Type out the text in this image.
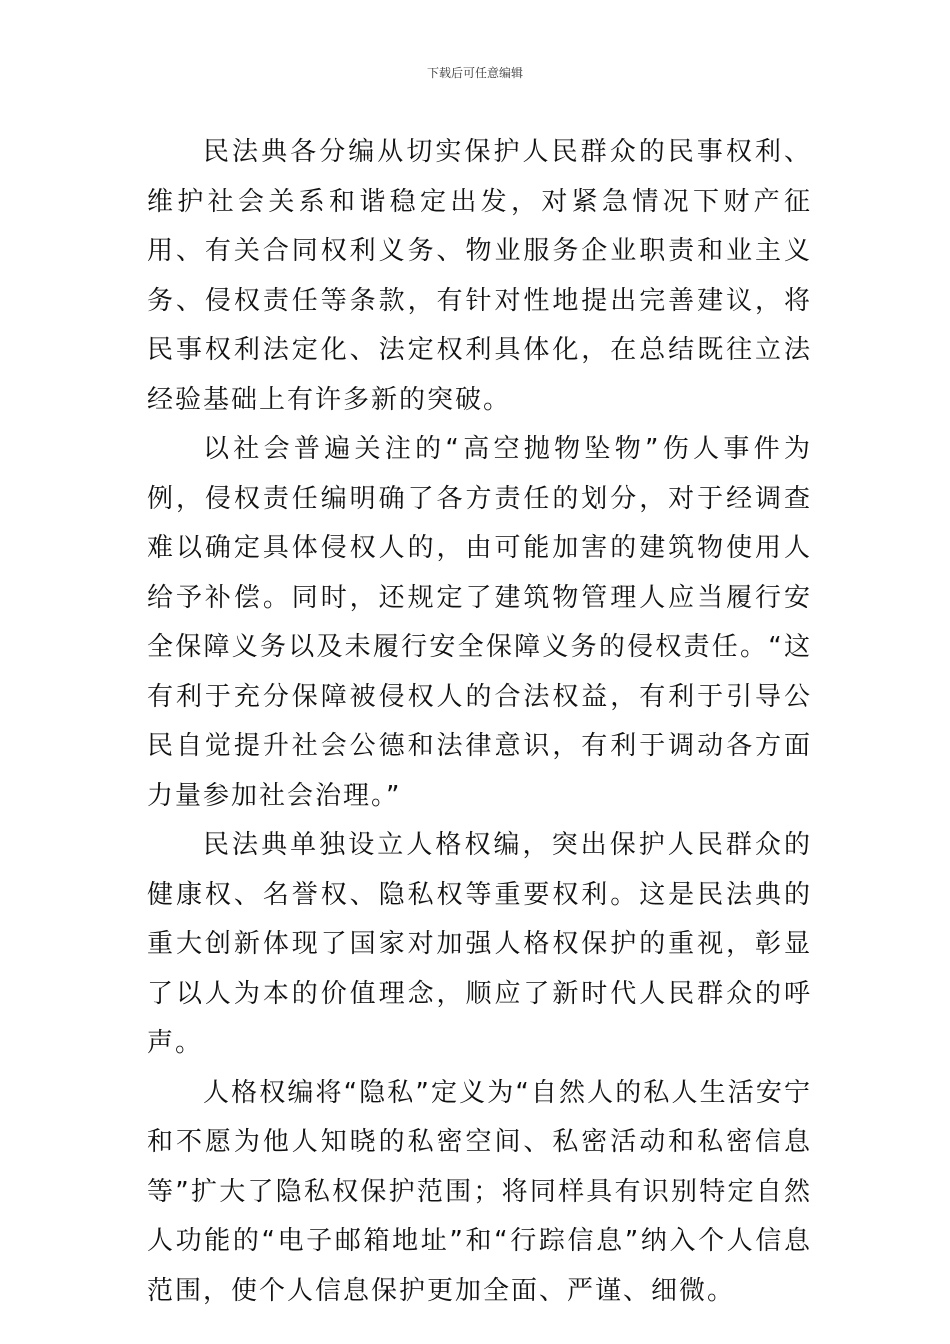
下载后可任意编辑

民法典各分编从切实保护人民群众的民事权利、维护社会关系和谐稳定出发，对紧急情况下财产征用、有关合同权利义务、物业服务企业职责和业主义务、侵权责任等条款，有针对性地提出完善建议，将民事权利法定化、法定权利具体化，在总结既往立法经验基础上有许多新的突破。

以社会普遍关注的“高空抛物坠物”伤人事件为例，侵权责任编明确了各方责任的划分，对于经调查难以确定具体侵权人的，由可能加害的建筑物使用人给予补偿。同时，还规定了建筑物管理人应当履行安全保障义务以及未履行安全保障义务的侵权责任。“这有利于充分保障被侵权人的合法权益，有利于引导公民自觉提升社会公德和法律意识，有利于调动各方面力量参加社会治理。”

民法典单独设立人格权编，突出保护人民群众的健康权、名誉权、隐私权等重要权利。这是民法典的重大创新体现了国家对加强人格权保护的重视，彰显了以人为本的价值理念，顺应了新时代人民群众的呼声。

人格权编将“隐私”定义为“自然人的私人生活安宁和不愿为他人知晓的私密空间、私密活动和私密信息等”扩大了隐私权保护范围；将同样具有识别特定自然人功能的“电子邮箱地址”和“行踪信息”纳入个人信息范围，使个人信息保护更加全面、严谨、细微。
